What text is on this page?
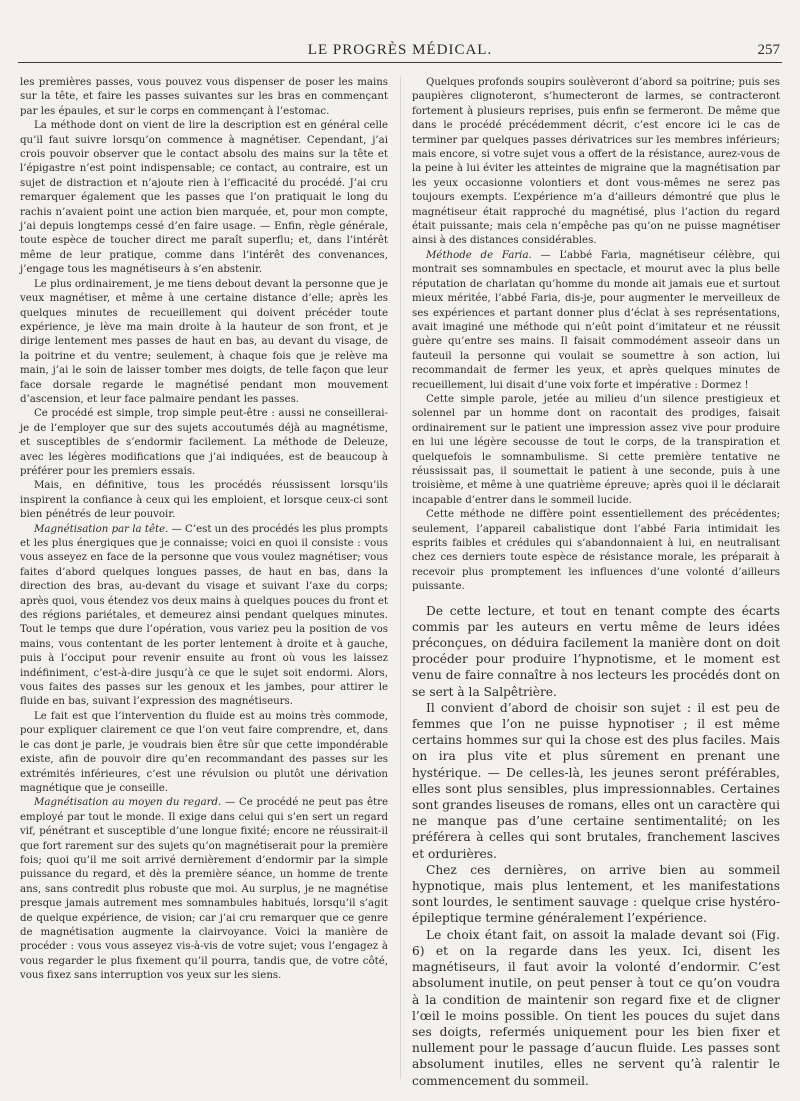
LE PROGRÈS MÉDICAL.	257

les premières passes, vous pouvez vous dispenser de poser les mains sur la tête, et faire les passes suivantes sur les bras en commençant par les épaules, et sur le corps en commençant à l’estomac.

La méthode dont on vient de lire la description est en général celle qu’il faut suivre lorsqu’on commence à magnétiser. Cependant, j’ai crois pouvoir observer que le contact absolu des mains sur la tête et l’épigastre n’est point indispensable; ce contact, au contraire, est un sujet de distraction et n’ajoute rien à l’efficacité du procédé. J’ai cru remarquer également que les passes que l’on pratiquait le long du rachis n’avaient point une action bien marquée, et, pour mon compte, j’ai depuis longtemps cessé d’en faire usage. — Enfin, règle générale, toute espèce de toucher direct me paraît superflu; et, dans l’intérêt même de leur pratique, comme dans l’intérêt des convenances, j’engage tous les magnétiseurs à s’en abstenir.

Le plus ordinairement, je me tiens debout devant la personne que je veux magnétiser, et même à une certaine distance d’elle; après les quelques minutes de recueillement qui doivent précéder toute expérience, je lève ma main droite à la hauteur de son front, et je dirige lentement mes passes de haut en bas, au devant du visage, de la poitrine et du ventre; seulement, à chaque fois que je relève ma main, j’ai le soin de laisser tomber mes doigts, de telle façon que leur face dorsale regarde le magnétisé pendant mon mouvement d’ascension, et leur face palmaire pendant les passes.

Ce procédé est simple, trop simple peut-être : aussi ne conseillerai-je de l’employer que sur des sujets accoutumés déjà au magnétisme, et susceptibles de s’endormir facilement. La méthode de Deleuze, avec les légères modifications que j’ai indiquées, est de beaucoup à préférer pour les premiers essais.

Mais, en définitive, tous les procédés réussissent lorsqu’ils inspirent la confiance à ceux qui les emploient, et lorsque ceux-ci sont bien pénétrés de leur pouvoir.

Magnétisation par la tête. — C’est un des procédés les plus prompts et les plus énergiques que je connaisse; voici en quoi il consiste : vous vous asseyez en face de la personne que vous voulez magnétiser; vous faites d’abord quelques longues passes, de haut en bas, dans la direction des bras, au-devant du visage et suivant l’axe du corps; après quoi, vous étendez vos deux mains à quelques pouces du front et des régions pariétales, et demeurez ainsi pendant quelques minutes. Tout le temps que dure l’opération, vous variez peu la position de vos mains, vous contentant de les porter lentement à droite et à gauche, puis à l’occiput pour revenir ensuite au front où vous les laissez indéfiniment, c’est-à-dire jusqu’à ce que le sujet soit endormi. Alors, vous faites des passes sur les genoux et les jambes, pour attirer le fluide en bas, suivant l’expression des magnétiseurs.

Le fait est que l’intervention du fluide est au moins très commode, pour expliquer clairement ce que l’on veut faire comprendre, et, dans le cas dont je parle, je voudrais bien être sûr que cette impondérable existe, afin de pouvoir dire qu’en recommandant des passes sur les extrémités inférieures, c’est une révulsion ou plutôt une dérivation magnétique que je conseille.

Magnétisation au moyen du regard. — Ce procédé ne peut pas être employé par tout le monde. Il exige dans celui qui s’en sert un regard vif, pénétrant et susceptible d’une longue fixité; encore ne réussirait-il que fort rarement sur des sujets qu’on magnétiserait pour la première fois; quoi qu’il me soit arrivé dernièrement d’endormir par la simple puissance du regard, et dès la première séance, un homme de trente ans, sans contredit plus robuste que moi. Au surplus, je ne magnétise presque jamais autrement mes somnambules habitués, lorsqu’il s’agit de quelque expérience, de vision; car j’ai cru remarquer que ce genre de magnétisation augmente la clairvoyance. Voici la manière de procéder : vous vous asseyez vis-à-vis de votre sujet; vous l’engagez à vous regarder le plus fixement qu’il pourra, tandis que, de votre côté, vous fixez sans interruption vos yeux sur les siens.

Quelques profonds soupirs soulèveront d’abord sa poitrine; puis ses paupières clignoteront, s’humecteront de larmes, se contracteront fortement à plusieurs reprises, puis enfin se fermeront. De même que dans le procédé précédemment décrit, c’est encore ici le cas de terminer par quelques passes dérivatrices sur les membres inférieurs; mais encore, si votre sujet vous a offert de la résistance, aurez-vous de la peine à lui éviter les atteintes de migraine que la magnétisation par les yeux occasionne volontiers et dont vous-mêmes ne serez pas toujours exempts. L’expérience m’a d’ailleurs démontré que plus le magnétiseur était rapproché du magnétisé, plus l’action du regard était puissante; mais cela n’empêche pas qu’on ne puisse magnétiser ainsi à des distances considérables.

Méthode de Faria. — L’abbé Faria, magnétiseur célèbre, qui montrait ses somnambules en spectacle, et mourut avec la plus belle réputation de charlatan qu’homme du monde ait jamais eue et surtout mieux méritée, l’abbé Faria, dis-je, pour augmenter le merveilleux de ses expériences et partant donner plus d’éclat à ses représentations, avait imaginé une méthode qui n’eût point d’imitateur et ne réussit guère qu’entre ses mains. Il faisait commodément asseoir dans un fauteuil la personne qui voulait se soumettre à son action, lui recommandait de fermer les yeux, et après quelques minutes de recueillement, lui disait d’une voix forte et impérative : Dormez !

Cette simple parole, jetée au milieu d’un silence prestigieux et solennel par un homme dont on racontait des prodiges, faisait ordinairement sur le patient une impression assez vive pour produire en lui une légère secousse de tout le corps, de la transpiration et quelquefois le somnambulisme. Si cette première tentative ne réussissait pas, il soumettait le patient à une seconde, puis à une troisième, et même à une quatrième épreuve; après quoi il le déclarait incapable d’entrer dans le sommeil lucide.

Cette méthode ne diffère point essentiellement des précédentes; seulement, l’appareil cabalistique dont l’abbé Faria intimidait les esprits faibles et crédules qui s’abandonnaient à lui, en neutralisant chez ces derniers toute espèce de résistance morale, les préparait à recevoir plus promptement les influences d’une volonté d’ailleurs puissante.

De cette lecture, et tout en tenant compte des écarts commis par les auteurs en vertu même de leurs idées préconçues, on déduira facilement la manière dont on doit procéder pour produire l’hypnotisme, et le moment est venu de faire connaître à nos lecteurs les procédés dont on se sert à la Salpêtrière.

Il convient d’abord de choisir son sujet : il est peu de femmes que l’on ne puisse hypnotiser ; il est même certains hommes sur qui la chose est des plus faciles. Mais on ira plus vite et plus sûrement en prenant une hystérique. — De celles-là, les jeunes seront préférables, elles sont plus sensibles, plus impressionnables. Certaines sont grandes liseuses de romans, elles ont un caractère qui ne manque pas d’une certaine sentimentalité; on les préférera à celles qui sont brutales, franchement lascives et ordurières.

Chez ces dernières, on arrive bien au sommeil hypnotique, mais plus lentement, et les manifestations sont lourdes, le sentiment sauvage : quelque crise hystéro-épileptique termine généralement l’expérience.

Le choix étant fait, on assoit la malade devant soi (Fig. 6) et on la regarde dans les yeux. Ici, disent les magnétiseurs, il faut avoir la volonté d’endormir. C’est absolument inutile, on peut penser à tout ce qu’on voudra à la condition de maintenir son regard fixe et de cligner l’œil le moins possible. On tient les pouces du sujet dans ses doigts, refermés uniquement pour les bien fixer et nullement pour le passage d’aucun fluide. Les passes sont absolument inutiles, elles ne servent qu’à ralentir le commencement du sommeil.
